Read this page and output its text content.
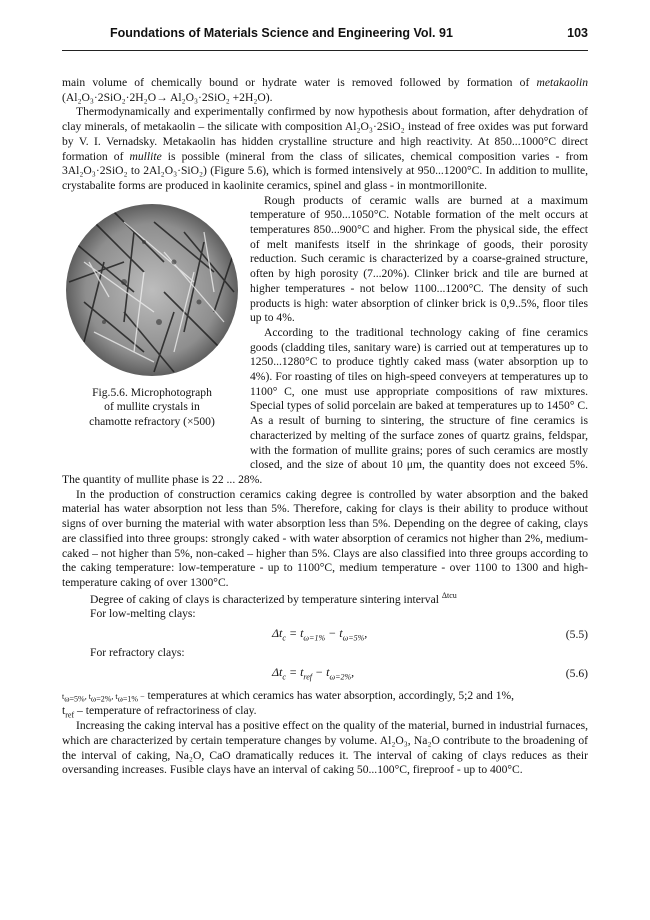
Foundations of Materials Science and Engineering Vol. 91	103

main volume of chemically bound or hydrate water is removed followed by formation of metakaolin (Al₂O₃·2SiO₂·2H₂O→ Al₂O₃·2SiO₂ +2H₂O).

Thermodynamically and experimentally confirmed by now hypothesis about formation, after dehydration of clay minerals, of metakaolin – the silicate with composition Al₂O₃·2SiO₂ instead of free oxides was put forward by V. I. Vernadsky. Metakaolin has hidden crystalline structure and high reactivity. At 850...1000°C direct formation of mullite is possible (mineral from the class of silicates, chemical composition varies - from 3Al₂O₃·2SiO₂ to 2Al₂O₃·SiO₂) (Figure 5.6), which is formed intensively at 950...1200°C. In addition to mullite, crystabalite forms are produced in kaolinite ceramics, spinel and glass - in montmorillonite.

Fig.5.6. Microphotograph
of mullite crystals in
chamotte refractory (×500)

Rough products of ceramic walls are burned at a maximum temperature of 950...1050°C. Notable formation of the melt occurs at temperatures 850...900°C and higher. From the physical side, the effect of melt manifests itself in the shrinkage of goods, their porosity reduction. Such ceramic is characterized by a coarse-grained structure, often by high porosity (7...20%). Clinker brick and tile are burned at higher temperatures - not below 1100...1200°C. The density of such products is high: water absorption of clinker brick is 0,9..5%, floor tiles up to 4%.

According to the traditional technology caking of fine ceramics goods (cladding tiles, sanitary ware) is carried out at temperatures up to 1250...1280°C to produce tightly caked mass (water absorption up to 4%). For roasting of tiles on high-speed conveyers at temperatures up to 1100° C, one must use appropriate compositions of raw mixtures. Special types of solid porcelain are baked at temperatures up to 1450° C. As a result of burning to sintering, the structure of fine ceramics is characterized by melting of the surface zones of quartz grains, feldspar, with the formation of mullite grains; pores of such ceramics are mostly closed, and the size of about 10 μm, the quantity does not exceed 5%. The quantity of mullite phase is 22 ... 28%.

In the production of construction ceramics caking degree is controlled by water absorption and the baked material has water absorption not less than 5%. Therefore, caking for clays is their ability to produce without signs of over burning the material with water absorption less than 5%. Depending on the degree of caking, clays are classified into three groups: strongly caked - with water absorption of ceramics not higher than 2%, medium-caked – not higher than 5%, non-caked – higher than 5%. Clays are also classified into three groups according to the caking temperature: low-temperature - up to 1100°C, medium temperature - over 1100 to 1300 and high-temperature caking of over 1300°C.

Degree of caking of clays is characterized by temperature sintering interval $^{\Delta tcu}$

For low-melting clays:

$\Delta t_c = t_{\omega=1\%} - t_{\omega=5\%}$,	(5.5)

For refractory clays:

$\Delta t_c = t_{ref} - t_{\omega=2\%}$,	(5.6)

$t_{\omega=5\%}$, $t_{\omega=2\%}$, $t_{\omega=1\%}$ − temperatures at which ceramics has water absorption, accordingly, 5;2 and 1%,

$t_{ref}$ – temperature of refractoriness of clay.

Increasing the caking interval has a positive effect on the quality of the material, burned in industrial furnaces, which are characterized by certain temperature changes by volume. Al₂O₃, Na₂O contribute to the broadening of the interval of caking, Na₂O, CaO dramatically reduces it. The interval of caking of clays reduces as their oversanding increases. Fusible clays have an interval of caking 50...100°C, fireproof - up to 400°C.
